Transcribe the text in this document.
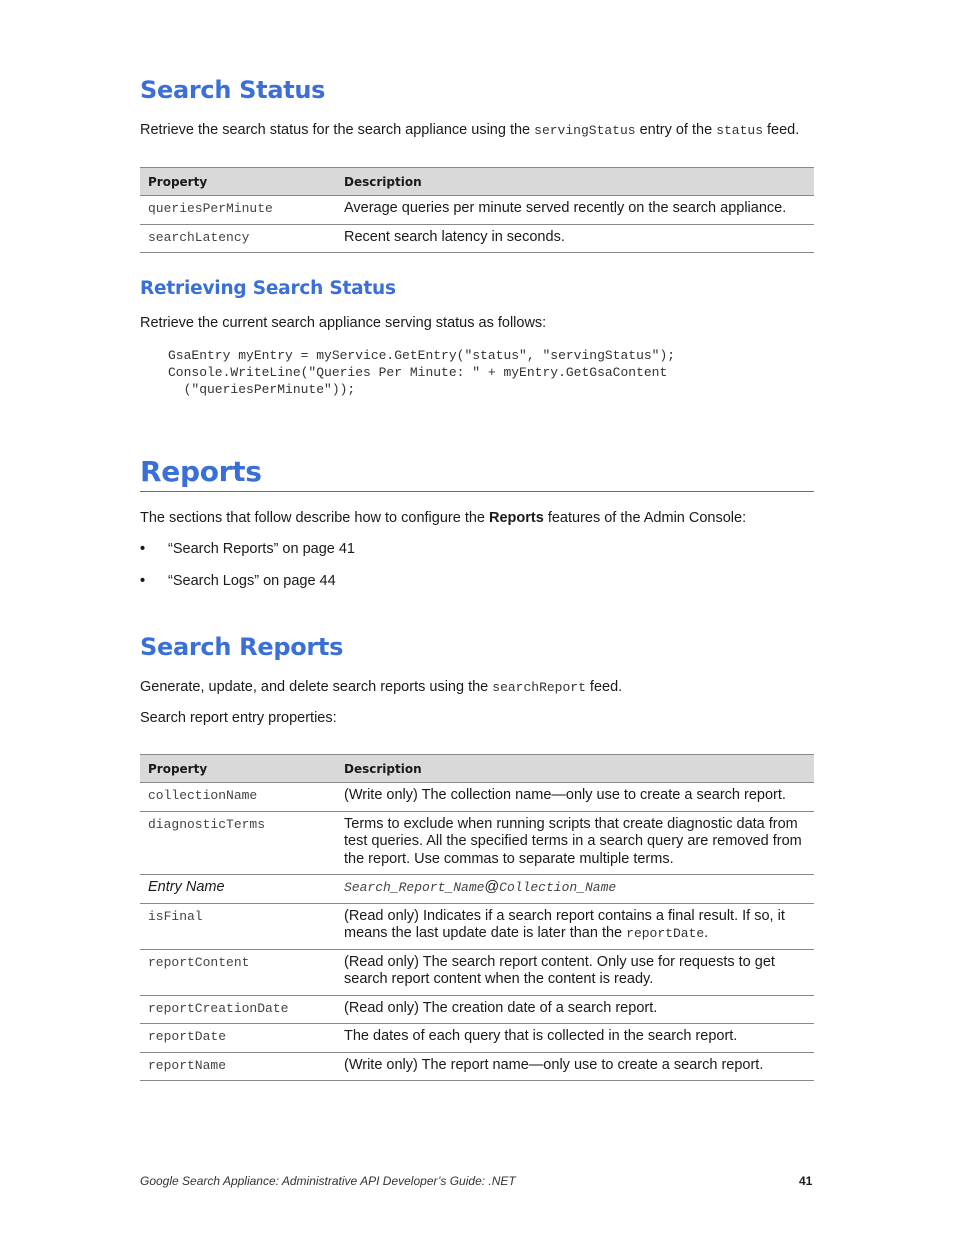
Search Status

Retrieve the search status for the search appliance using the servingStatus entry of the status feed.

Property	Description
queriesPerMinute	Average queries per minute served recently on the search appliance.
searchLatency	Recent search latency in seconds.
Retrieving Search Status

Retrieve the current search appliance serving status as follows:

GsaEntry myEntry = myService.GetEntry("status", "servingStatus");
Console.WriteLine("Queries Per Minute: " + myEntry.GetGsaContent
("queriesPerMinute"));
Reports

The sections that follow describe how to configure the Reports features of the Admin Console:

• “Search Reports” on page 41
• “Search Logs” on page 44
Search Reports

Generate, update, and delete search reports using the searchReport feed.

Search report entry properties:

Property	Description
collectionName	(Write only) The collection name—only use to create a search report.
diagnosticTerms	Terms to exclude when running scripts that create diagnostic data from test queries. All the specified terms in a search query are removed from the report. Use commas to separate multiple terms.
Entry Name	Search_Report_Name@Collection_Name
isFinal	(Read only) Indicates if a search report contains a final result. If so, it means the last update date is later than the reportDate.
reportContent	(Read only) The search report content. Only use for requests to get search report content when the content is ready.
reportCreationDate	(Read only) The creation date of a search report.
reportDate	The dates of each query that is collected in the search report.
reportName	(Write only) The report name—only use to create a search report.
Google Search Appliance: Administrative API Developer’s Guide: .NET	41
